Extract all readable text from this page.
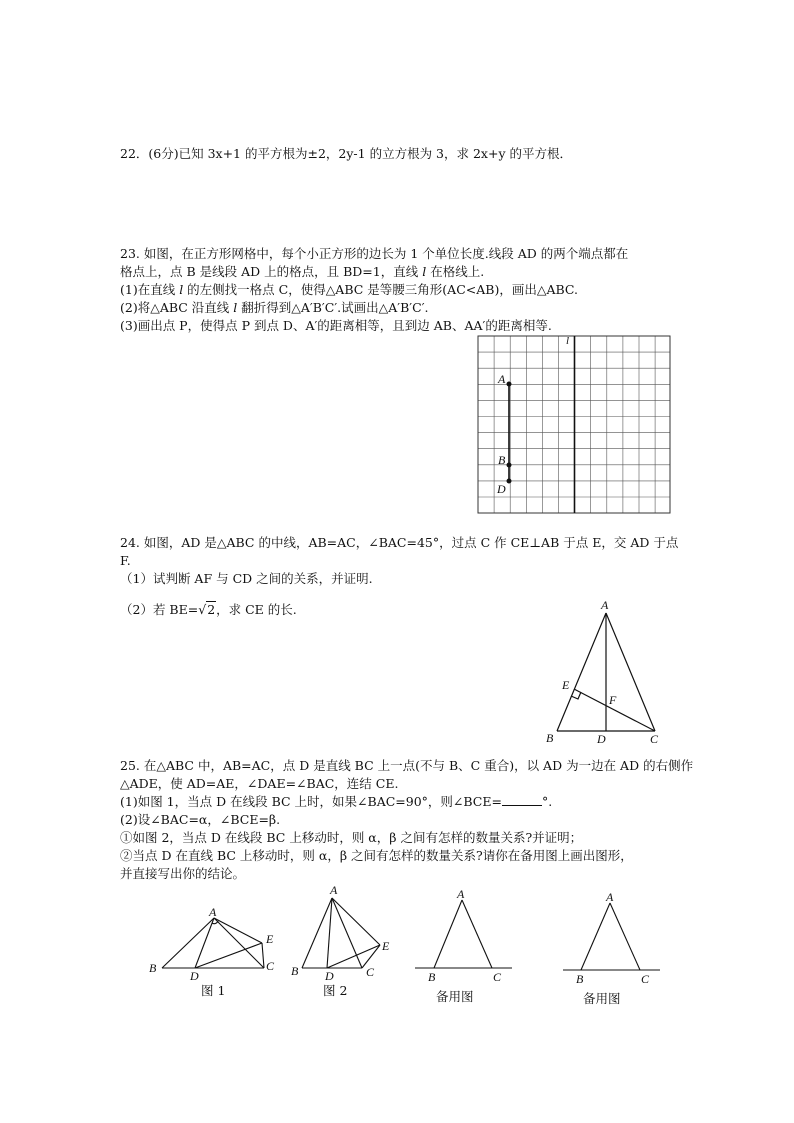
22．(6分)已知 3x+1 的平方根为±2，2y-1 的立方根为 3，求 2x+y 的平方根．
23. 如图，在正方形网格中，每个小正方形的边长为 1 个单位长度.线段 AD 的两个端点都在
格点上，点 B 是线段 AD 上的格点，且 BD=1，直线 l 在格线上.
(1)在直线 l 的左侧找一格点 C，使得△ABC 是等腰三角形(AC<AB)，画出△ABC.
(2)将△ABC 沿直线 l 翻折得到△A′B′C′.试画出△A′B′C′.
(3)画出点 P，使得点 P 到点 D、A′的距离相等，且到边 AB、AA′的距离相等.
l
A
B
D
24. 如图，AD 是△ABC 的中线，AB=AC，∠BAC=45°，过点 C 作 CE⊥AB 于点 E，交 AD 于点
F.
（1）试判断 AF 与 CD 之间的关系，并证明.
（2）若 BE=√2，求 CE 的长.	A
E
F
B	D	C
25. 在△ABC 中，AB=AC，点 D 是直线 BC 上一点(不与 B、C 重合)，以 AD 为一边在 AD 的右侧作
△ADE，使 AD=AE，∠DAE=∠BAC，连结 CE.
(1)如图 1，当点 D 在线段 BC 上时，如果∠BAC=90°，则∠BCE=	°.
(2)设∠BAC=α，∠BCE=β.
①如图 2，当点 D 在线段 BC 上移动时，则 α，β 之间有怎样的数量关系?并证明；
②当点 D 在直线 BC 上移动时，则 α，β 之间有怎样的数量关系?请你在备用图上画出图形，
并直接写出你的结论。
A
E
B
D
C
图 1
A
E
B D	C
图 2
A
B	C
备用图
A
B	C
备用图
